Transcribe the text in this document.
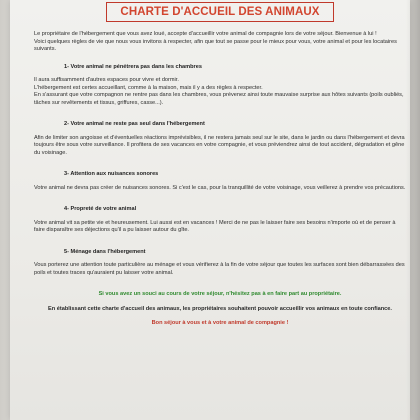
CHARTE D'ACCUEIL DES ANIMAUX

Le propriétaire de l'hébergement que vous avez loué, accepte d'accueillir votre animal de compagnie lors de votre séjour. Bienvenue à lui !
Voici quelques règles de vie que nous vous invitons à respecter, afin que tout se passe pour le mieux pour vous, votre animal et pour les locataires suivants.

1- Votre animal ne pénétrera pas dans les chambres

Il aura suffisamment d'autres espaces pour vivre et dormir.
L'hébergement est certes accueillant, comme à la maison, mais il y a des règles à respecter.
En s'assurant que votre compagnon ne rentre pas dans les chambres, vous prévenez ainsi toute mauvaise surprise aux hôtes suivants (poils oubliés, tâches sur revêtements et tissus, griffures, casse...).

2- Votre animal ne reste pas seul dans l'hébergement

Afin de limiter son angoisse et d'éventuelles réactions imprévisibles, il ne restera jamais seul sur le site, dans le jardin ou dans l'hébergement et devra toujours être sous votre surveillance. Il profitera de ses vacances en votre compagnie, et vous préviendrez ainsi de tout accident, dégradation et gêne du voisinage.

3- Attention aux nuisances sonores

Votre animal ne devra pas créer de nuisances sonores. Si c'est le cas, pour la tranquillité de votre voisinage, vous veillerez à prendre vos précautions.

4- Propreté de votre animal

Votre animal vit sa petite vie et heureusement. Lui aussi est en vacances ! Merci de ne pas le laisser faire ses besoins n'importe où et de penser à faire disparaître ses déjections qu'il a pu laisser autour du gîte.

5- Ménage dans l'hébergement

Vous porterez une attention toute particulière au ménage et vous vérifierez à la fin de votre séjour que toutes les surfaces sont bien débarrassées des poils et toutes traces qu'auraient pu laisser votre animal.

Si vous avez un souci au cours de votre séjour, n'hésitez pas à en faire part au propriétaire.

En établissant cette charte d'accueil des animaux, les propriétaires souhaitent pouvoir accueillir vos animaux en toute confiance.

Bon séjour à vous et à votre animal de compagnie !
